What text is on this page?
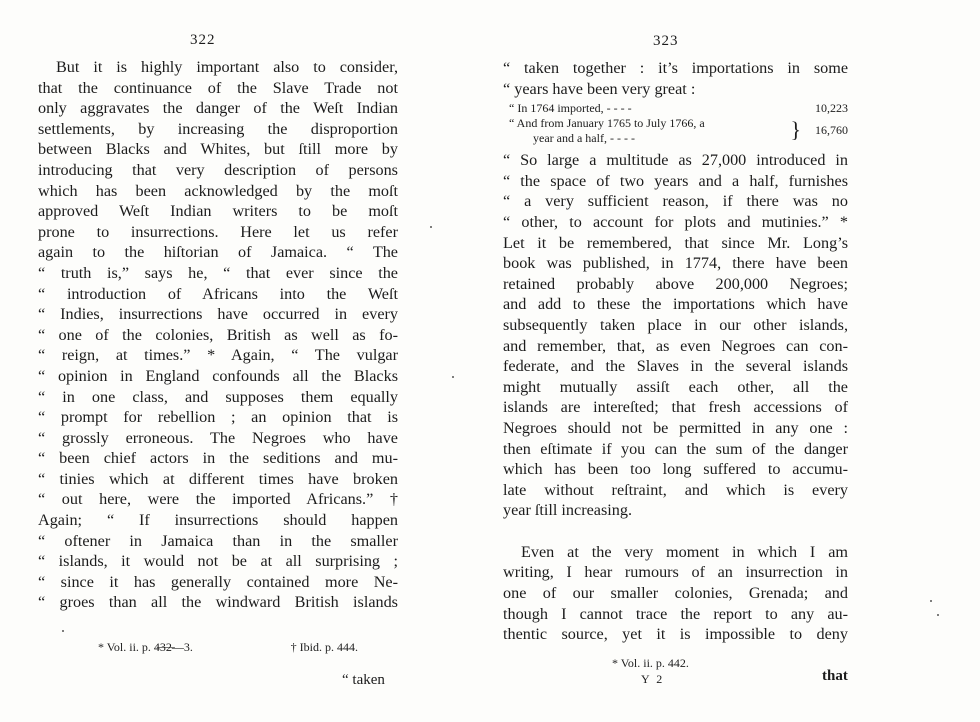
322
But it is highly important also to consider,
that the continuance of the Slave Trade not
only aggravates the danger of the Weſt Indian
settlements, by increasing the disproportion
between Blacks and Whites, but ſtill more by
introducing that very description of persons
which has been acknowledged by the moſt
approved Weſt Indian writers to be moſt
prone to insurrections. Here let us refer
again to the hiſtorian of Jamaica. “ The
“ truth is,” says he, “ that ever since the
“ introduction of Africans into the Weſt
“ Indies, insurrections have occurred in every
“ one of the colonies, British as well as fo-
“ reign, at times.” * Again, “ The vulgar
“ opinion in England confounds all the Blacks
“ in one class, and supposes them equally
“ prompt for rebellion ; an opinion that is
“ grossly erroneous. The Negroes who have
“ been chief actors in the seditions and mu-
“ tinies which at different times have broken
“ out here, were the imported Africans.” †
Again; “ If insurrections should happen
“ oftener in Jamaica than in the smaller
“ islands, it would not be at all surprising ;
“ since it has generally contained more Ne-
“ groes than all the windward British islands
* Vol. ii. p. 4̶3̶2̶—3.	† Ibid. p. 444.
“ taken
323
“ taken together : it’s importations in some
“ years have been very great :
“ In 1764 imported, - - - -	10,223
“ And from January 1765 to July 1766, a
year and a half, - - - -	}	16,760
“ So large a multitude as 27,000 introduced in
“ the space of two years and a half, furnishes
“ a very sufficient reason, if there was no
“ other, to account for plots and mutinies.” *
Let it be remembered, that since Mr. Long’s
book was published, in 1774, there have been
retained probably above 200,000 Negroes;
and add to these the importations which have
subsequently taken place in our other islands,
and remember, that, as even Negroes can con-
federate, and the Slaves in the several islands
might mutually assiſt each other, all the
islands are intereſted; that fresh accessions of
Negroes should not be permitted in any one :
then eſtimate if you can the sum of the danger
which has been too long suffered to accumu-
late without reſtraint, and which is every
year ſtill increasing.
Even at the very moment in which I am
writing, I hear rumours of an insurrection in
one of our smaller colonies, Grenada; and
though I cannot trace the report to any au-
thentic source, yet it is impossible to deny
* Vol. ii. p. 442.
Y 2	that
